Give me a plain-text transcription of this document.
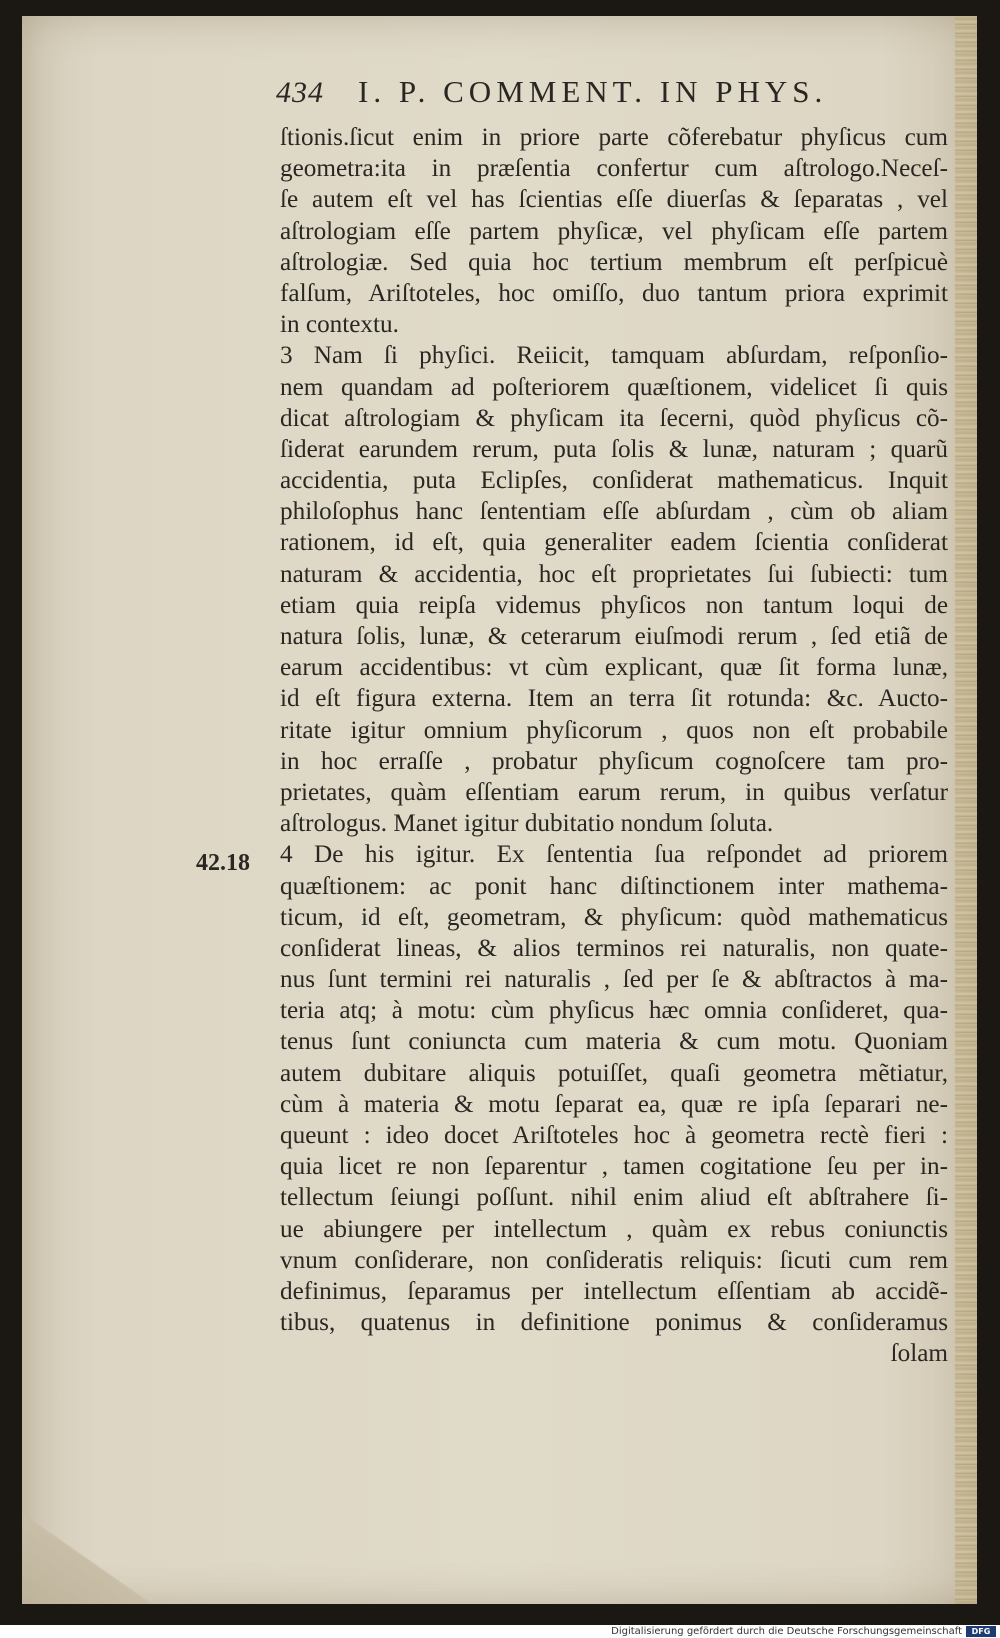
434 I. P. COMMENT. IN PHYS.
42.18
ſtionis.ſicut enim in priore parte cõferebatur phyſicus cum
geometra:ita in præſentia confertur cum aſtrologo.Neceſ-
ſe autem eſt vel has ſcientias eſſe diuerſas & ſeparatas , vel
aſtrologiam eſſe partem phyſicæ, vel phyſicam eſſe partem
aſtrologiæ. Sed quia hoc tertium membrum eſt perſpicuè
falſum, Ariſtoteles, hoc omiſſo, duo tantum priora exprimit
in contextu.
3 Nam ſi phyſici. Reiicit, tamquam abſurdam, reſponſio-
nem quandam ad poſteriorem quæſtionem, videlicet ſi quis
dicat aſtrologiam & phyſicam ita ſecerni, quòd phyſicus cõ-
ſiderat earundem rerum, puta ſolis & lunæ, naturam ; quarũ
accidentia, puta Eclipſes, conſiderat mathematicus. Inquit
philoſophus hanc ſententiam eſſe abſurdam , cùm ob aliam
rationem, id eſt, quia generaliter eadem ſcientia conſiderat
naturam & accidentia, hoc eſt proprietates ſui ſubiecti: tum
etiam quia reipſa videmus phyſicos non tantum loqui de
natura ſolis, lunæ, & ceterarum eiuſmodi rerum , ſed etiã de
earum accidentibus: vt cùm explicant, quæ ſit forma lunæ,
id eſt figura externa. Item an terra ſit rotunda: &c. Aucto-
ritate igitur omnium phyſicorum , quos non eſt probabile
in hoc erraſſe , probatur phyſicum cognoſcere tam pro-
prietates, quàm eſſentiam earum rerum, in quibus verſatur
aſtrologus. Manet igitur dubitatio nondum ſoluta.
4 De his igitur. Ex ſententia ſua reſpondet ad priorem
quæſtionem: ac ponit hanc diſtinctionem inter mathema-
ticum, id eſt, geometram, & phyſicum: quòd mathematicus
conſiderat lineas, & alios terminos rei naturalis, non quate-
nus ſunt termini rei naturalis , ſed per ſe & abſtractos à ma-
teria atq; à motu: cùm phyſicus hæc omnia conſideret, qua-
tenus ſunt coniuncta cum materia & cum motu. Quoniam
autem dubitare aliquis potuiſſet, quaſi geometra mẽtiatur,
cùm à materia & motu ſeparat ea, quæ re ipſa ſeparari ne-
queunt : ideo docet Ariſtoteles hoc à geometra rectè fieri :
quia licet re non ſeparentur , tamen cogitatione ſeu per in-
tellectum ſeiungi poſſunt. nihil enim aliud eſt abſtrahere ſi-
ue abiungere per intellectum , quàm ex rebus coniunctis
vnum conſiderare, non conſideratis reliquis: ſicuti cum rem
definimus, ſeparamus per intellectum eſſentiam ab accidẽ-
tibus, quatenus in definitione ponimus & conſideramus
ſolam
Digitalisierung gefördert durch die Deutsche Forschungsgemeinschaft	DFG
